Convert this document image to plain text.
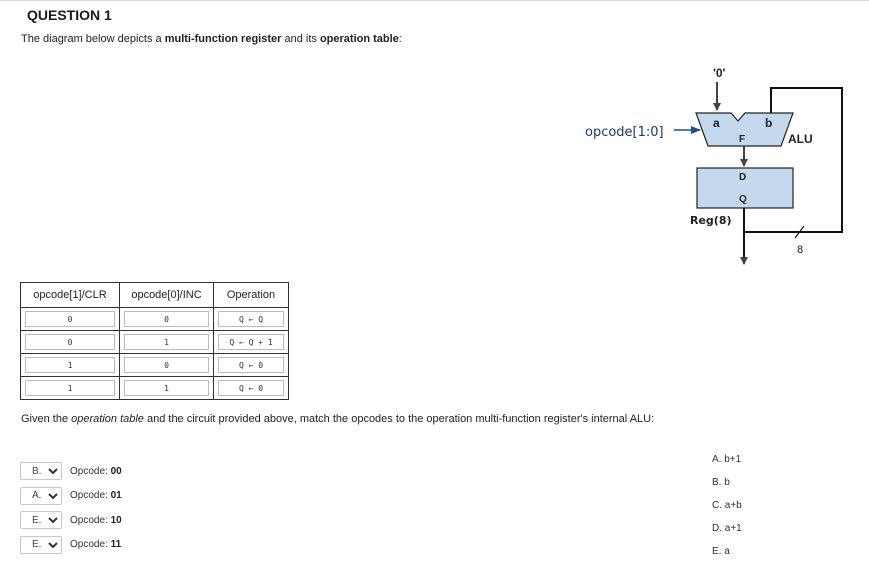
QUESTION 1
The diagram below depicts a multi-function register and its operation table:
'0'
opcode[1:0]
a	b
F	ALU
D
Q
Reg(8)
8
opcode[1]/CLR	opcode[0]/INC	Operation

0	0	Q ← Q

0	1	Q ← Q + 1

1	0	Q ← 0

1	1	Q ← 0
Given the operation table and the circuit provided above, match the opcodes to the operation multi-function register's internal ALU:
B.	Opcode: 00
A.	Opcode: 01
E.	Opcode: 10
E.	Opcode: 11
A. b+1
B. b
C. a+b
D. a+1
E. a
